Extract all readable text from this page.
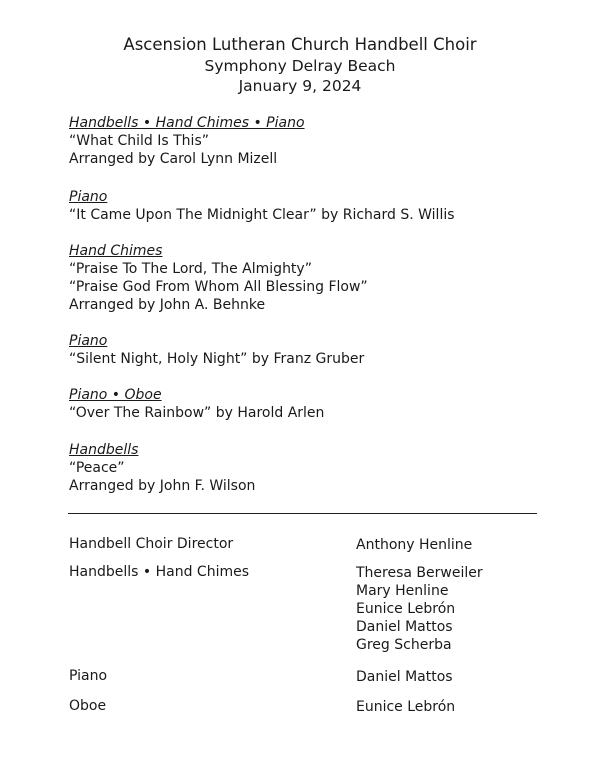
Ascension Lutheran Church Handbell Choir
Symphony Delray Beach
January 9, 2024
Handbells • Hand Chimes • Piano
“What Child Is This”
Arranged by Carol Lynn Mizell
Piano
“It Came Upon The Midnight Clear” by Richard S. Willis
Hand Chimes
“Praise To The Lord, The Almighty”
“Praise God From Whom All Blessing Flow”
Arranged by John A. Behnke
Piano
“Silent Night, Holy Night” by Franz Gruber
Piano • Oboe
“Over The Rainbow” by Harold Arlen
Handbells
“Peace”
Arranged by John F. Wilson
Handbell Choir Director	Anthony Henline
Handbells • Hand Chimes	Theresa Berweiler
Mary Henline
Eunice Lebrón
Daniel Mattos
Greg Scherba
Piano	Daniel Mattos
Oboe	Eunice Lebrón
